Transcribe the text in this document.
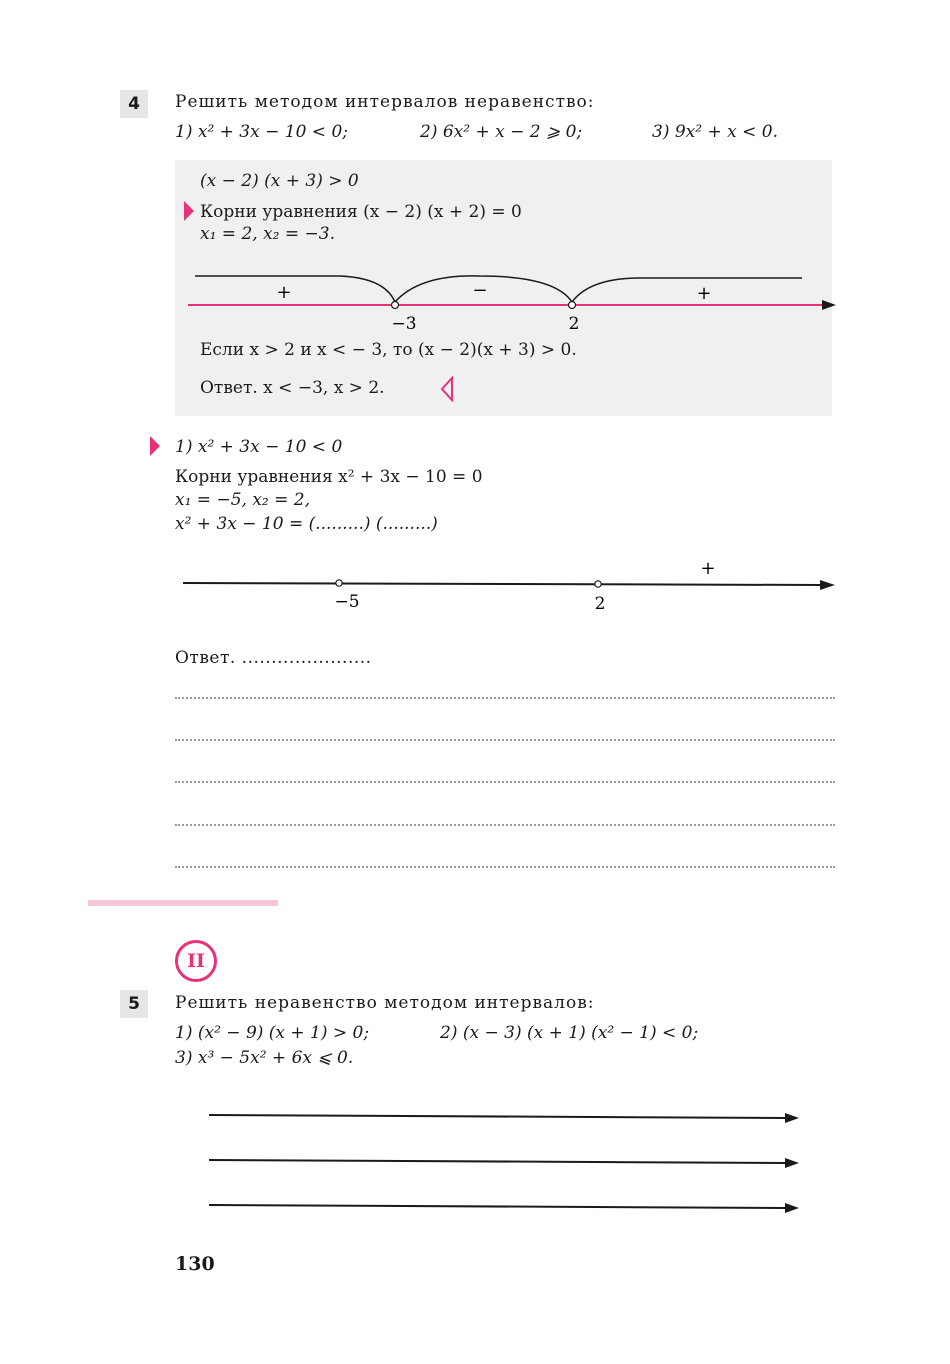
4	Решить методом интервалов неравенство:
1) x² + 3x − 10 < 0;	2) 6x² + x − 2 ⩾ 0;	3) 9x² + x < 0.
(x − 2) (x + 3) > 0
Корни уравнения (x − 2) (x + 2) = 0
x₁ = 2, x₂ = −3.
+	−	+
−3	2
Если x > 2 и x < − 3, то (x − 2)(x + 3) > 0.
Ответ. x < −3, x > 2.
1) x² + 3x − 10 < 0
Корни уравнения x² + 3x − 10 = 0
x₁ = −5, x₂ = 2,
x² + 3x − 10 = (.........) (.........)
+
−5	2
Ответ. ......................
II
5	Решить неравенство методом интервалов:
1) (x² − 9) (x + 1) > 0;	2) (x − 3) (x + 1) (x² − 1) < 0;
3) x³ − 5x² + 6x ⩽ 0.
130
